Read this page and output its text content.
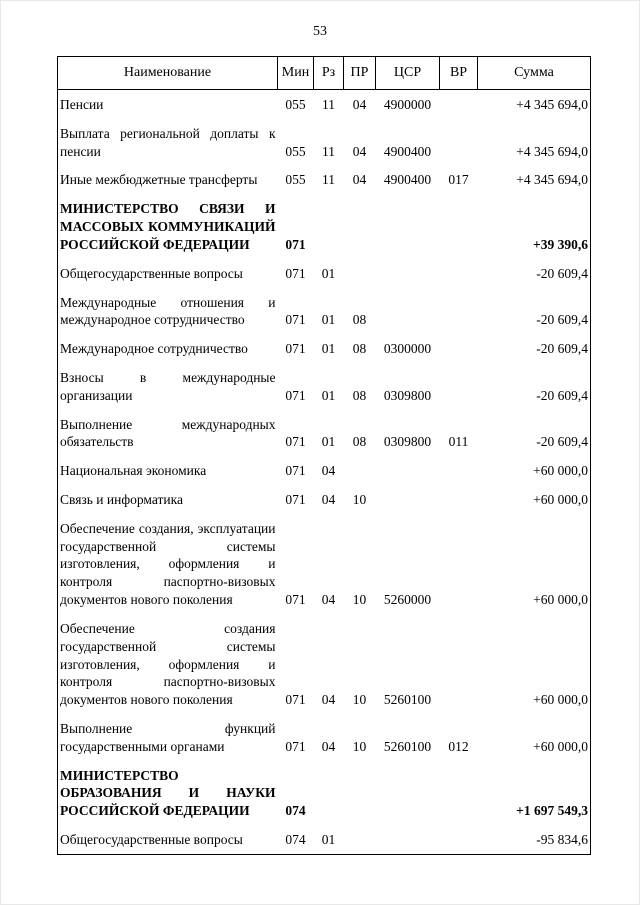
53
Наименование	Мин	Рз	ПР	ЦСР	ВР	Сумма
Пенсии	055	11	04	4900000		+4 345 694,0
Выплата региональной доплаты к пенсии	055	11	04	4900400		+4 345 694,0
Иные межбюджетные трансферты	055	11	04	4900400	017	+4 345 694,0
МИНИСТЕРСТВО СВЯЗИ И МАССОВЫХ КОММУНИКАЦИЙ РОССИЙСКОЙ ФЕДЕРАЦИИ	071					+39 390,6
Общегосударственные вопросы	071	01				-20 609,4
Международные отношения и международное сотрудничество	071	01	08			-20 609,4
Международное сотрудничество	071	01	08	0300000		-20 609,4
Взносы в международные организации	071	01	08	0309800		-20 609,4
Выполнение международных обязательств	071	01	08	0309800	011	-20 609,4
Национальная экономика	071	04				+60 000,0
Связь и информатика	071	04	10			+60 000,0
Обеспечение создания, эксплуатации государственной системы изготовления, оформления и контроля паспортно-визовых документов нового поколения	071	04	10	5260000		+60 000,0
Обеспечение создания государственной системы изготовления, оформления и контроля паспортно-визовых документов нового поколения	071	04	10	5260100		+60 000,0
Выполнение функций государственными органами	071	04	10	5260100	012	+60 000,0
МИНИСТЕРСТВО ОБРАЗОВАНИЯ И НАУКИ РОССИЙСКОЙ ФЕДЕРАЦИИ	074					+1 697 549,3
Общегосударственные вопросы	074	01				-95 834,6
